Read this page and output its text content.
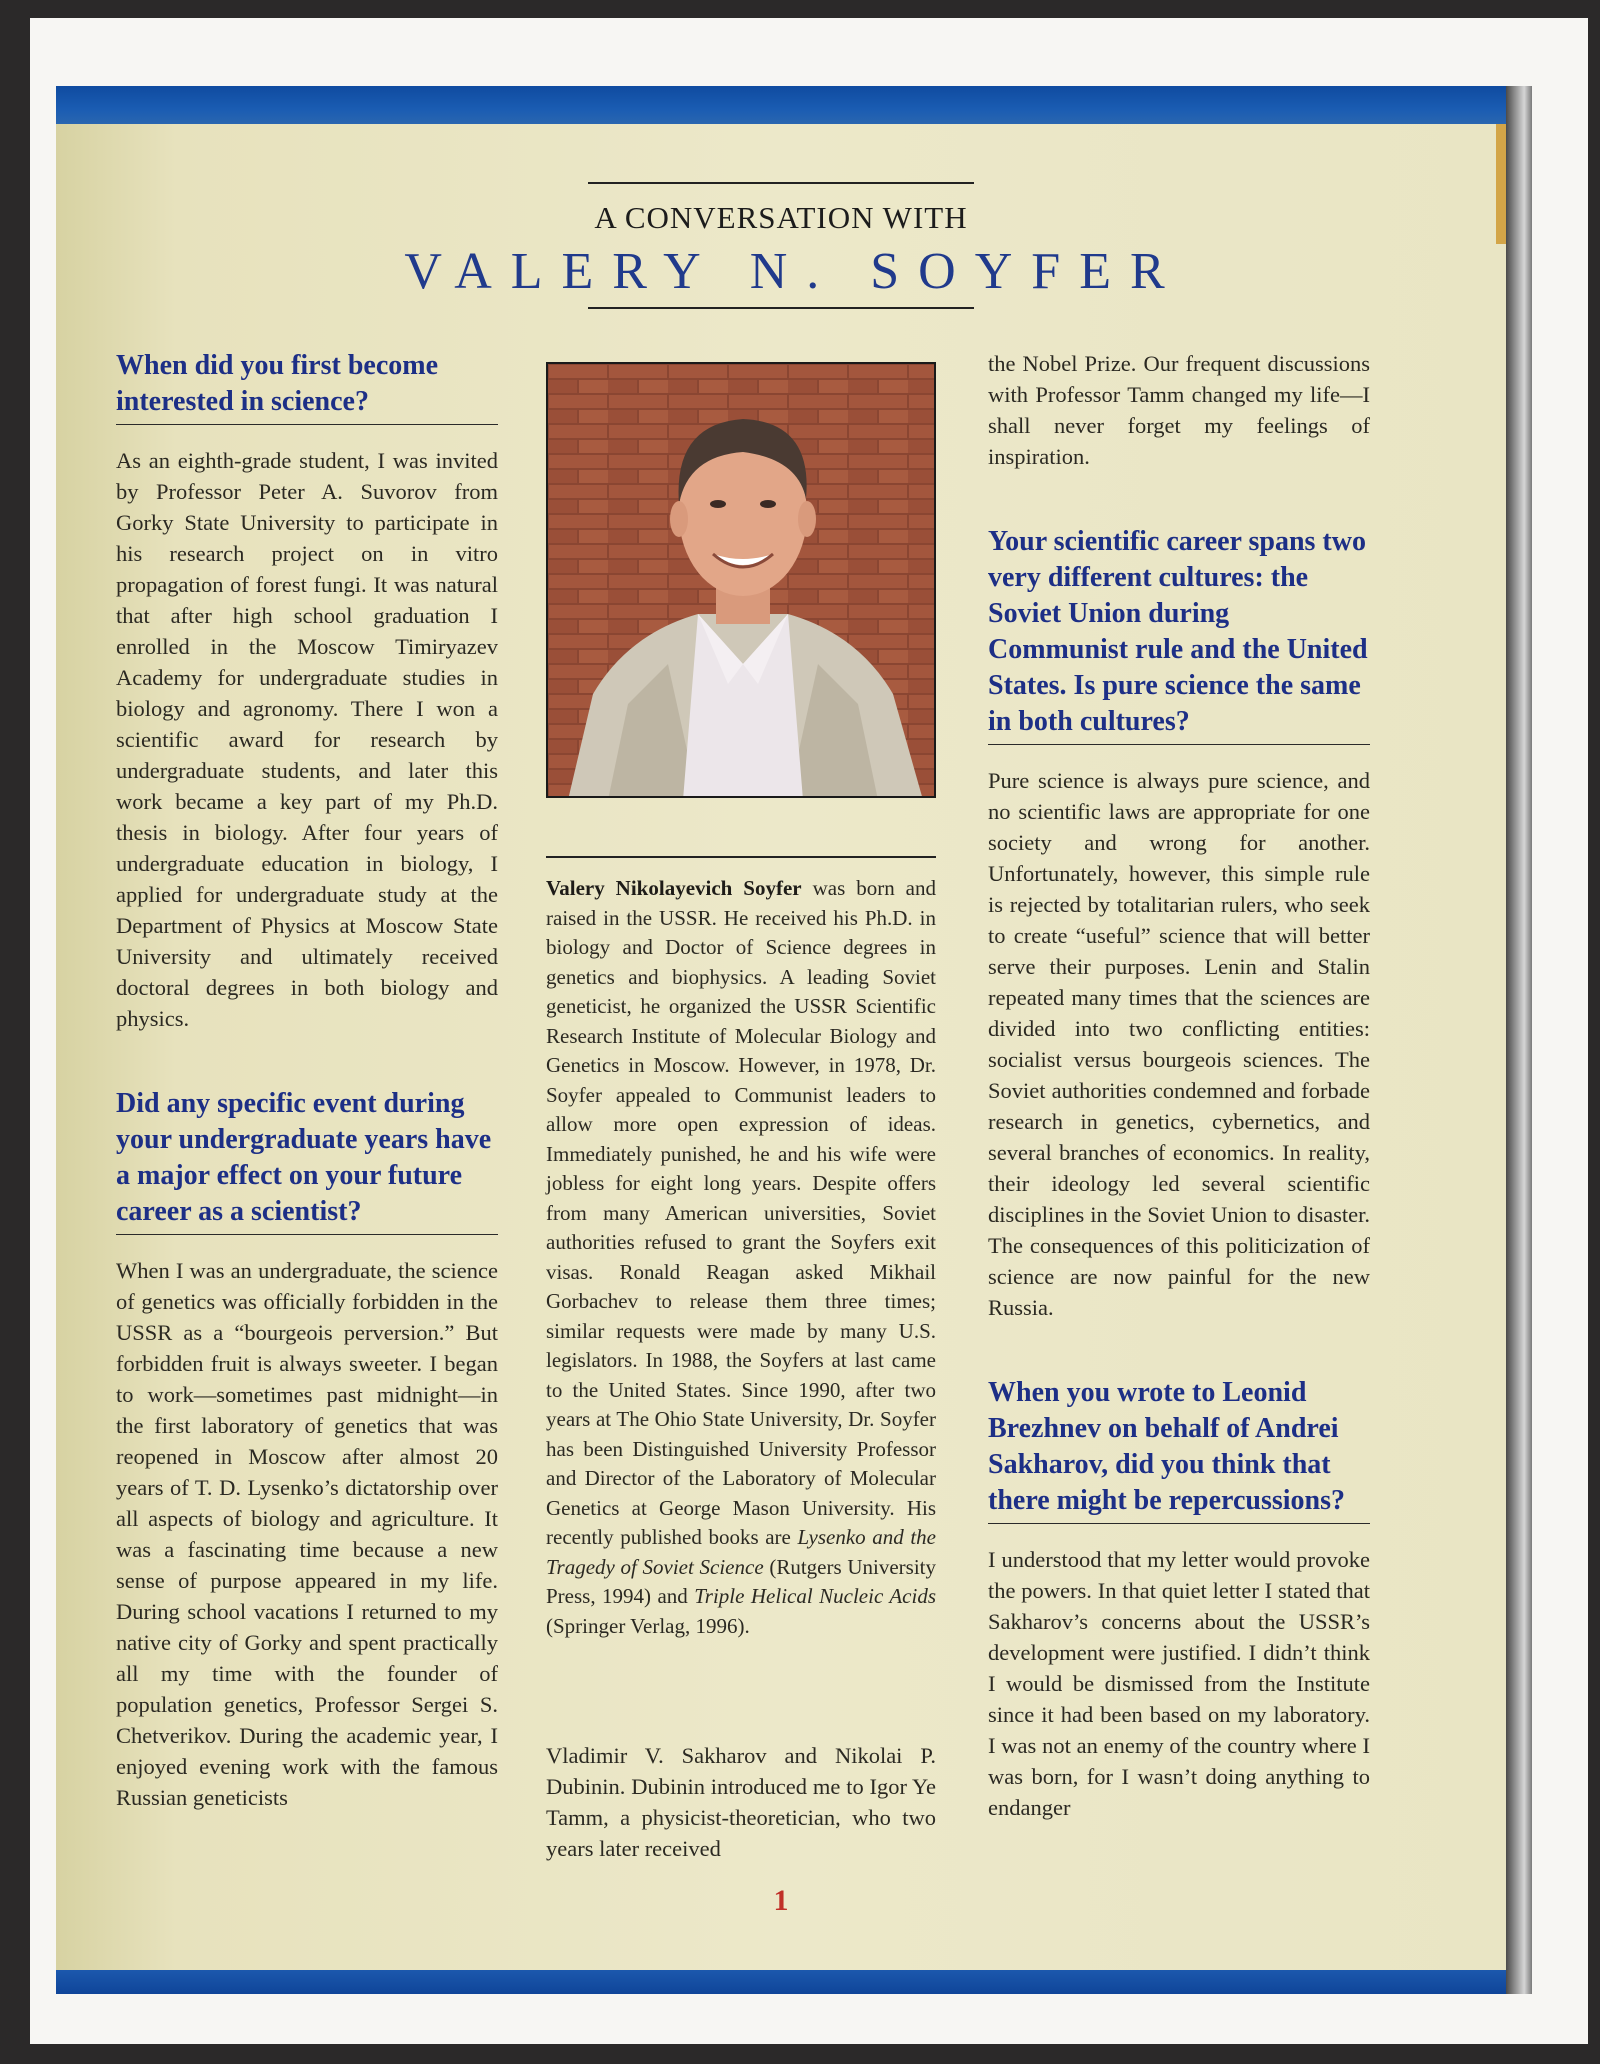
A CONVERSATION WITH
VALERY N. SOYFER
When did you first become interested in science?
As an eighth-grade student, I was invited by Professor Peter A. Suvorov from Gorky State University to participate in his research project on in vitro propagation of forest fungi. It was natural that after high school graduation I enrolled in the Moscow Timiryazev Academy for undergraduate studies in biology and agronomy. There I won a scientific award for research by undergraduate students, and later this work became a key part of my Ph.D. thesis in biology. After four years of undergraduate education in biology, I applied for undergraduate study at the Department of Physics at Moscow State University and ultimately received doctoral degrees in both biology and physics.
Did any specific event during your undergraduate years have a major effect on your future career as a scientist?
When I was an undergraduate, the science of genetics was officially forbidden in the USSR as a “bourgeois perversion.” But forbidden fruit is always sweeter. I began to work—sometimes past midnight—in the first laboratory of genetics that was reopened in Moscow after almost 20 years of T. D. Lysenko’s dictatorship over all aspects of biology and agriculture. It was a fascinating time because a new sense of purpose appeared in my life. During school vacations I returned to my native city of Gorky and spent practically all my time with the founder of population genetics, Professor Sergei S. Chetverikov. During the academic year, I enjoyed evening work with the famous Russian geneticists
Valery Nikolayevich Soyfer was born and raised in the USSR. He received his Ph.D. in biology and Doctor of Science degrees in genetics and biophysics. A leading Soviet geneticist, he organized the USSR Scientific Research Institute of Molecular Biology and Genetics in Moscow. However, in 1978, Dr. Soyfer appealed to Communist leaders to allow more open expression of ideas. Immediately punished, he and his wife were jobless for eight long years. Despite offers from many American universities, Soviet authorities refused to grant the Soyfers exit visas. Ronald Reagan asked Mikhail Gorbachev to release them three times; similar requests were made by many U.S. legislators. In 1988, the Soyfers at last came to the United States. Since 1990, after two years at The Ohio State University, Dr. Soyfer has been Distinguished University Professor and Director of the Laboratory of Molecular Genetics at George Mason University. His recently published books are Lysenko and the Tragedy of Soviet Science (Rutgers University Press, 1994) and Triple Helical Nucleic Acids (Springer Verlag, 1996).
Vladimir V. Sakharov and Nikolai P. Dubinin. Dubinin introduced me to Igor Ye Tamm, a physicist-theoretician, who two years later received
the Nobel Prize. Our frequent discussions with Professor Tamm changed my life—I shall never forget my feelings of inspiration.
Your scientific career spans two very different cultures: the Soviet Union during Communist rule and the United States. Is pure science the same in both cultures?
Pure science is always pure science, and no scientific laws are appropriate for one society and wrong for another. Unfortunately, however, this simple rule is rejected by totalitarian rulers, who seek to create “useful” science that will better serve their purposes. Lenin and Stalin repeated many times that the sciences are divided into two conflicting entities: socialist versus bourgeois sciences. The Soviet authorities condemned and forbade research in genetics, cybernetics, and several branches of economics. In reality, their ideology led several scientific disciplines in the Soviet Union to disaster. The consequences of this politicization of science are now painful for the new Russia.
When you wrote to Leonid Brezhnev on behalf of Andrei Sakharov, did you think that there might be repercussions?
I understood that my letter would provoke the powers. In that quiet letter I stated that Sakharov’s concerns about the USSR’s development were justified. I didn’t think I would be dismissed from the Institute since it had been based on my laboratory. I was not an enemy of the country where I was born, for I wasn’t doing anything to endanger
1
